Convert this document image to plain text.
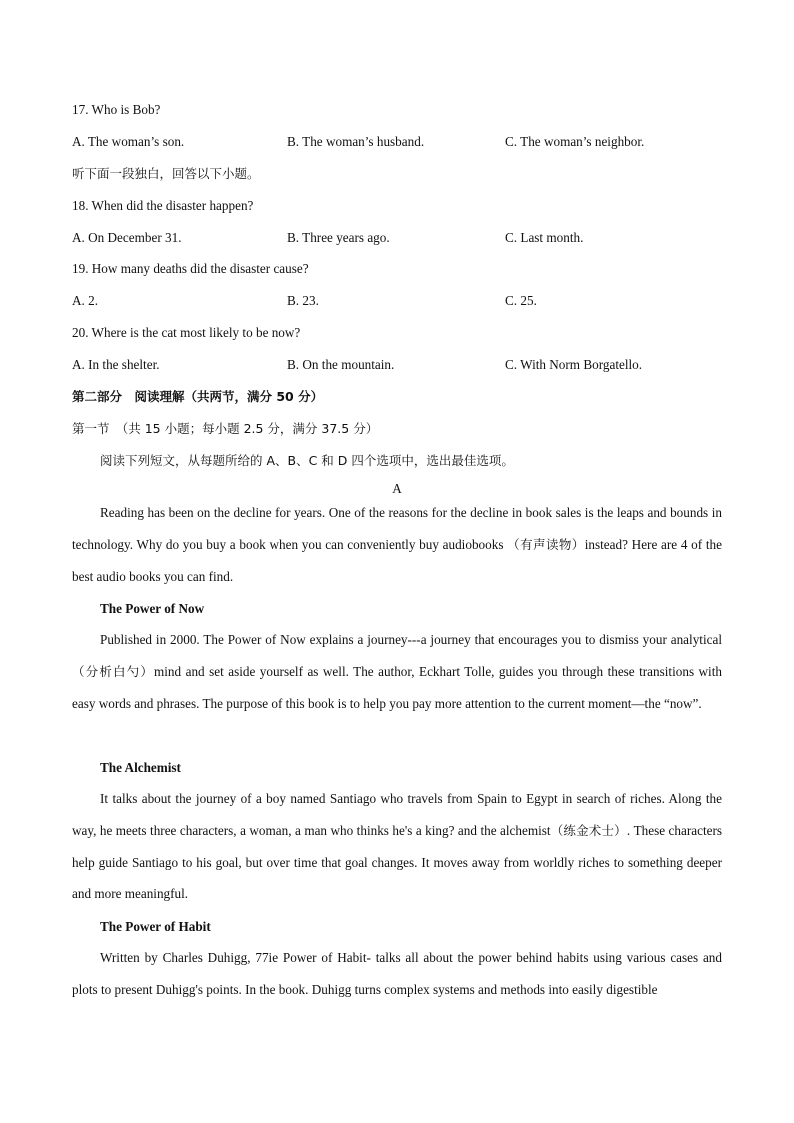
17. Who is Bob?
A. The woman’s son.	B. The woman’s husband.	C. The woman’s neighbor.
听下面一段独白，回答以下小题。
18. When did the disaster happen?
A. On December 31.	B. Three years ago.	C. Last month.
19. How many deaths did the disaster cause?
A. 2.	B. 23.	C. 25.
20. Where is the cat most likely to be now?
A. In the shelter.	B. On the mountain.	C. With Norm Borgatello.
第二部分　阅读理解（共两节，满分 50 分）
第一节　（共 15 小题；每小题 2.5 分，满分 37.5 分）
阅读下列短文，从每题所给的 A、B、C 和 D 四个选项中，选出最佳选项。
A
Reading has been on the decline for years. One of the reasons for the decline in book sales is the leaps and bounds in technology. Why do you buy a book when you can conveniently buy audiobooks （有声读物）instead? Here are 4 of the best audio books you can find.
The Power of Now
Published in 2000. The Power of Now explains a journey---a journey that encourages you to dismiss your analytical （分析白勺）mind and set aside yourself as well. The author, Eckhart Tolle, guides you through these transitions with easy words and phrases. The purpose of this book is to help you pay more attention to the current moment—the “now”.
The Alchemist
It talks about the journey of a boy named Santiago who travels from Spain to Egypt in search of riches. Along the way, he meets three characters, a woman, a man who thinks he's a king? and the alchemist（练金术士）. These characters help guide Santiago to his goal, but over time that goal changes. It moves away from worldly riches to something deeper and more meaningful.
The Power of Habit
Written by Charles Duhigg, 77ie Power of Habit- talks all about the power behind habits using various cases and plots to present Duhigg's points. In the book. Duhigg turns complex systems and methods into easily digestible
